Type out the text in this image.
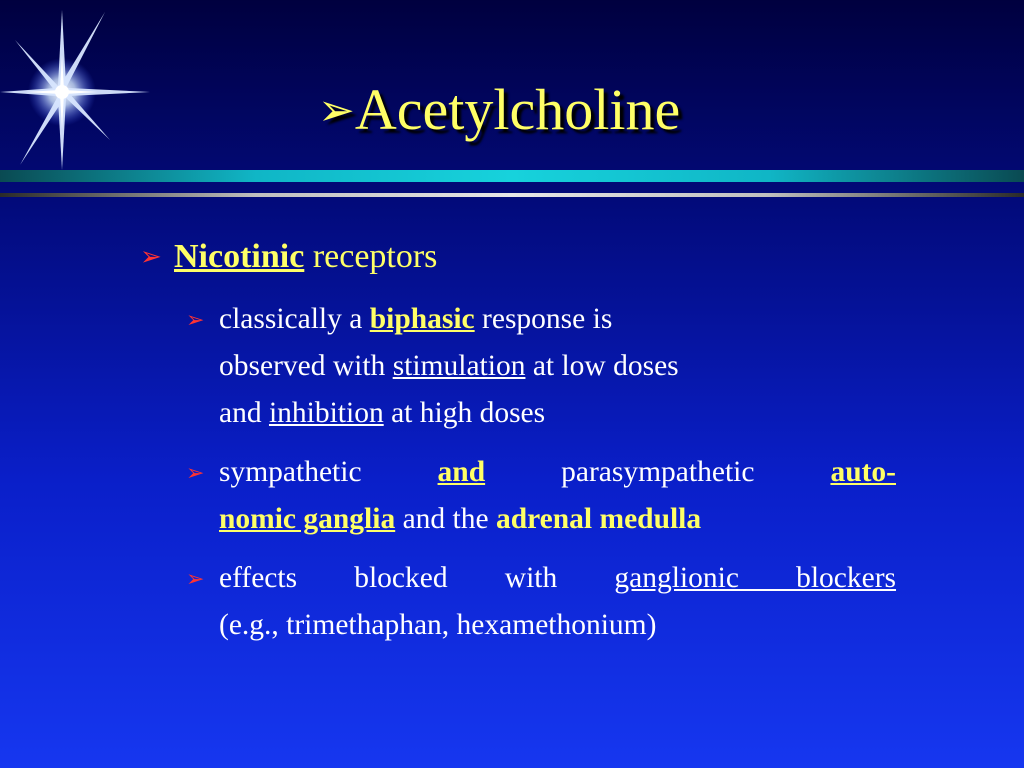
➢Acetylcholine
➢ Nicotinic receptors
➢ classically a biphasic response is
observed with stimulation at low doses
and inhibition at high doses
➢ sympathetic	and	parasympathetic	auto-
nomic ganglia and the adrenal medulla
➢ effects blocked with ganglionic blockers
(e.g., trimethaphan, hexamethonium)
